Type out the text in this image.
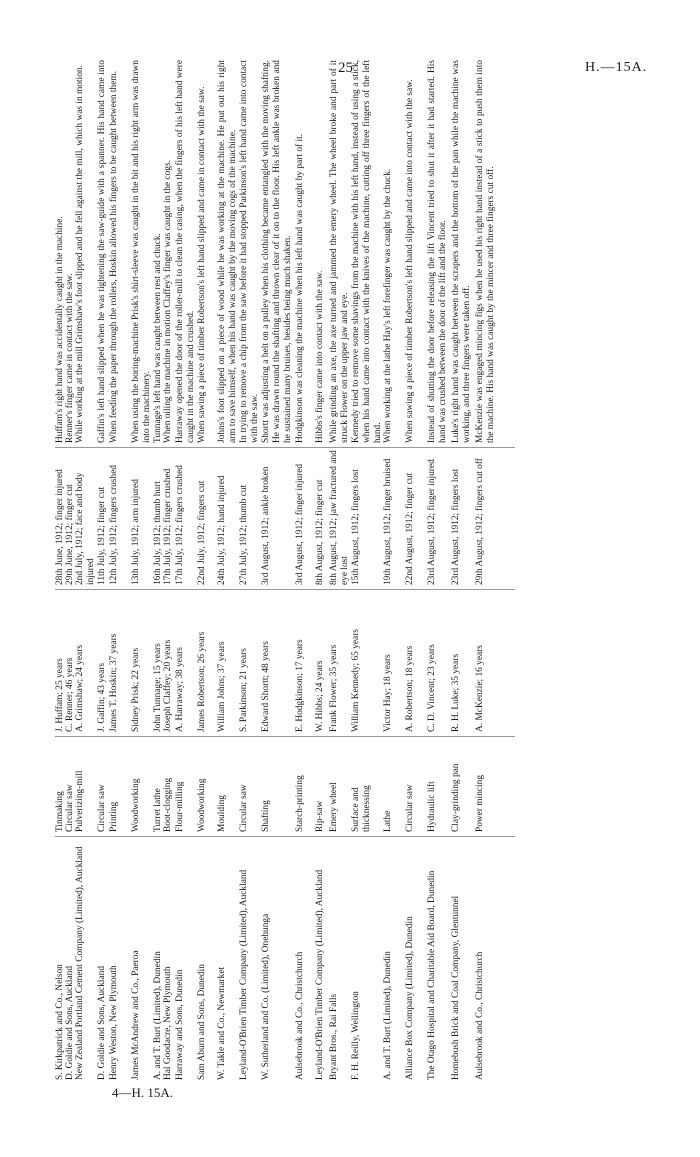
25	H.—15A.
S. Kirkpatrick and Co., Nelson
Tinmaking
J. Huffam; 25 years
28th June, 1912; finger injured
Huffam's right hand was accidentally caught in the machine.
D. Goldie and Sons, Auckland
Circular saw
C. Renner; 46 years
29th June, 1912; finger cut
Renner's finger came in contact with the saw.
New Zealand Portland Cement Company (Limited), Auckland
Pulverizing-mill
A. Grimshaw; 24 years
2nd July, 1912; face and body injured
While working at the mill Grimshaw's foot slipped and he fell against the mill, which was in motion.
D. Goldie and Sons, Auckland
Circular saw
J. Gaffin; 43 years
11th July, 1912; finger cut
Gaffin's left hand slipped when he was tightening the saw-guide with a spanner. His hand came into
Henry Weston, New Plymouth
Printing
James T. Hoskin; 37 years
12th July, 1912; fingers crushed
When feeding the paper through the rollers, Hoskin allowed his fingers to be caught between them.
James McAndrew and Co., Paeroa
Woodworking
Sidney Prisk; 22 years
13th July, 1912; arm injured
When using the boring-machine Prisk's shirt-sleeve was caught in the bit and his right arm was drawn into the machinery.
A. and T. Burt (Limited), Dunedin
Turret lathe
John Tunnage; 15 years
16th July, 1912; thumb hurt
Tunnage's left hand was caught between rest and chuck.
Hal Goodacre, New Plymouth
Boot-clogging
Joseph Claffey; 20 years
17th July, 1912; finger crushed
When oiling the machine in motion Claffey's finger was caught in the cogs.
Harraway and Sons, Dunedin
Flour-milling
A. Harraway; 38 years
17th July, 1912; fingers crushed
Harraway opened the door of the roller-mill to clean the casing, when the fingers of his left hand were caught in the machine and crushed.
Sam Aburn and Sons, Dunedin
Woodworking
James Robertson; 26 years
22nd July, 1912; fingers cut
When sawing a piece of timber Robertson's left hand slipped and came in contact with the saw.
W. Takle and Co., Newmarket
Moulding
William Johns; 37 years
24th July, 1912; hand injured
Johns's foot slipped on a piece of wood while he was working at the machine. He put out his right arm to save himself, when his hand was caught by the moving cogs of the machine.
Leyland-O'Brien Timber Company (Limited), Auckland
Circular saw
S. Parkinson; 21 years
27th July, 1912; thumb cut
In trying to remove a chip from the saw before it had stopped Parkinson's left hand came into contact with the saw.
W. Sutherland and Co. (Limited), Onehunga
Shafting
Edward Shortt; 48 years
3rd August, 1912; ankle broken
Shortt was adjusting a belt on a pulley when his clothing became entangled with the moving shafting. He was drawn round the shafting and thrown clear of it on to the floor. His left ankle was broken and he sustained many bruises, besides being much shaken.
Aulsebrook and Co., Christchurch
Starch-printing
E. Hodgkinson; 17 years
3rd August, 1912; finger injured
Hodgkinson was cleaning the machine when his left hand was caught by part of it.
Leyland-O'Brien Timber Company (Limited), Auckland
Rip-saw
W. Hibbs; 24 years
8th August, 1912; finger cut
Hibbs's finger came into contact with the saw.
Bryant Bros., Rai Falls
Emery wheel
Frank Flower; 35 years
8th August, 1912; jaw fractured and eye lost
While grinding an axe, the axe turned and jammed the emery wheel. The wheel broke and part of it struck Flower on the upper jaw and eye.
F. H. Reilly, Wellington
Surface and thicknessing
William Kennedy; 65 years
15th August, 1912; fingers lost
Kennedy tried to remove some shavings from the machine with his left hand, instead of using a stick, when his hand came into contact with the knives of the machine, cutting off three fingers of the left hand.
A. and T. Burt (Limited), Dunedin
Lathe
Victor Hay; 18 years
19th August, 1912; finger bruised
When working at the lathe Hay's left forefinger was caught by the chuck.
Alliance Box Company (Limited), Dunedin
Circular saw
A. Robertson; 18 years
22nd August, 1912; finger cut
When sawing a piece of timber Robertson's left hand slipped and came into contact with the saw.
The Otago Hospital and Charitable Aid Board, Dunedin
Hydraulic lift
C. D. Vincent; 23 years
23rd August, 1912; finger injured
Instead of shutting the door before releasing the lift Vincent tried to shut it after it had started. His hand was crushed between the door of the lift and the floor.
Homebush Brick and Coal Company, Glentunnel
Clay-grinding pan
R. H. Luke; 35 years
23rd August, 1912; fingers lost
Luke's right hand was caught between the scrapers and the bottom of the pan while the machine was working, and three fingers were taken off.
Aulsebrook and Co., Christchurch
Power mincing
A. McKenzie; 16 years
29th August, 1912; fingers cut off
McKenzie was engaged mincing figs when he used his right hand instead of a stick to push them into the machine. His hand was caught by the mincer and three fingers cut off.
4—H. 15A.
